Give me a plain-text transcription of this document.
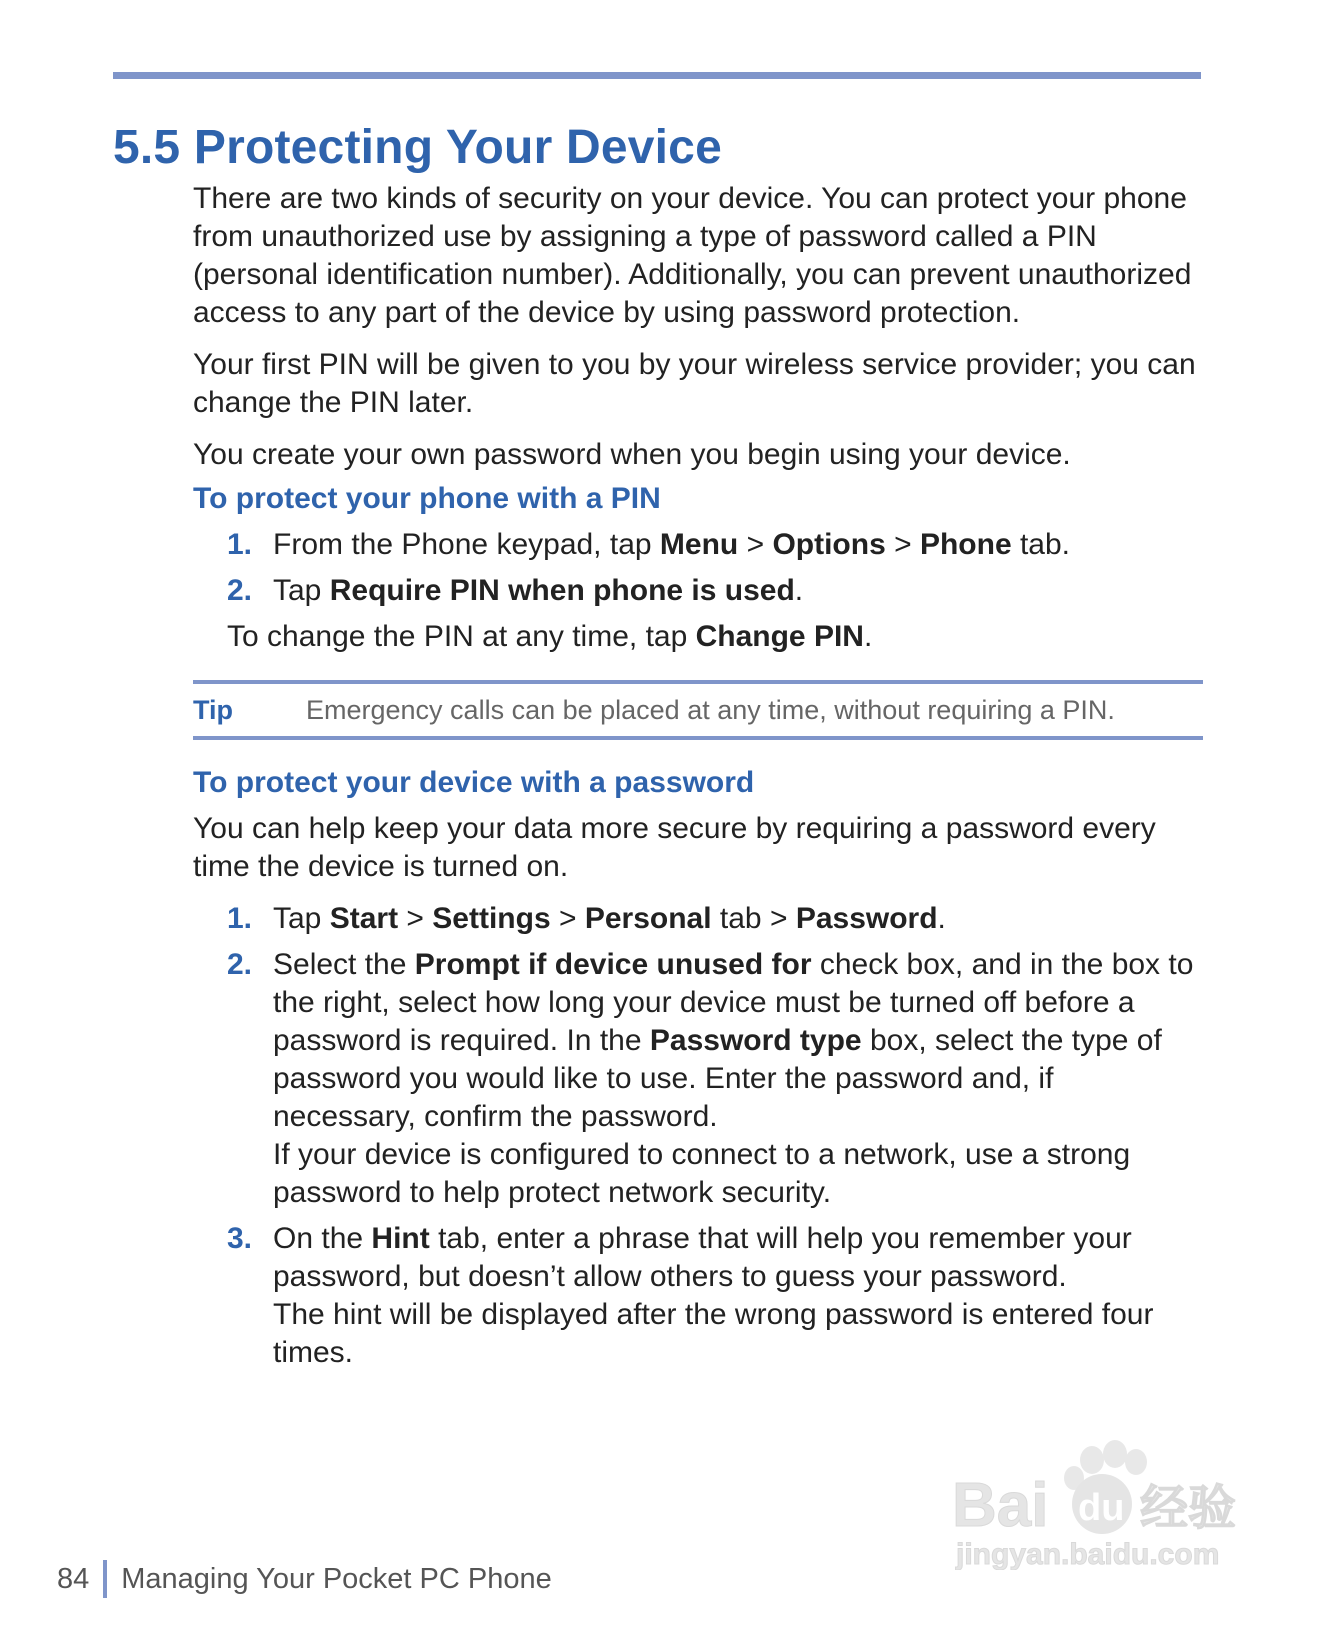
5.5 Protecting Your Device

There are two kinds of security on your device. You can protect your phone from unauthorized use by assigning a type of password called a PIN (personal identification number). Additionally, you can prevent unauthorized access to any part of the device by using password protection.

Your first PIN will be given to you by your wireless service provider; you can change the PIN later.

You create your own password when you begin using your device.

To protect your phone with a PIN

1. From the Phone keypad, tap Menu > Options > Phone tab.
2. Tap Require PIN when phone is used.

To change the PIN at any time, tap Change PIN.

Tip	Emergency calls can be placed at any time, without requiring a PIN.

To protect your device with a password

You can help keep your data more secure by requiring a password every time the device is turned on.

1. Tap Start > Settings > Personal tab > Password.
2. Select the Prompt if device unused for check box, and in the box to the right, select how long your device must be turned off before a password is required. In the Password type box, select the type of password you would like to use. Enter the password and, if necessary, confirm the password.
If your device is configured to connect to a network, use a strong password to help protect network security.
3. On the Hint tab, enter a phrase that will help you remember your password, but doesn’t allow others to guess your password.
The hint will be displayed after the wrong password is entered four times.
Bai du 经验
jingyan.baidu.com
84 Managing Your Pocket PC Phone
